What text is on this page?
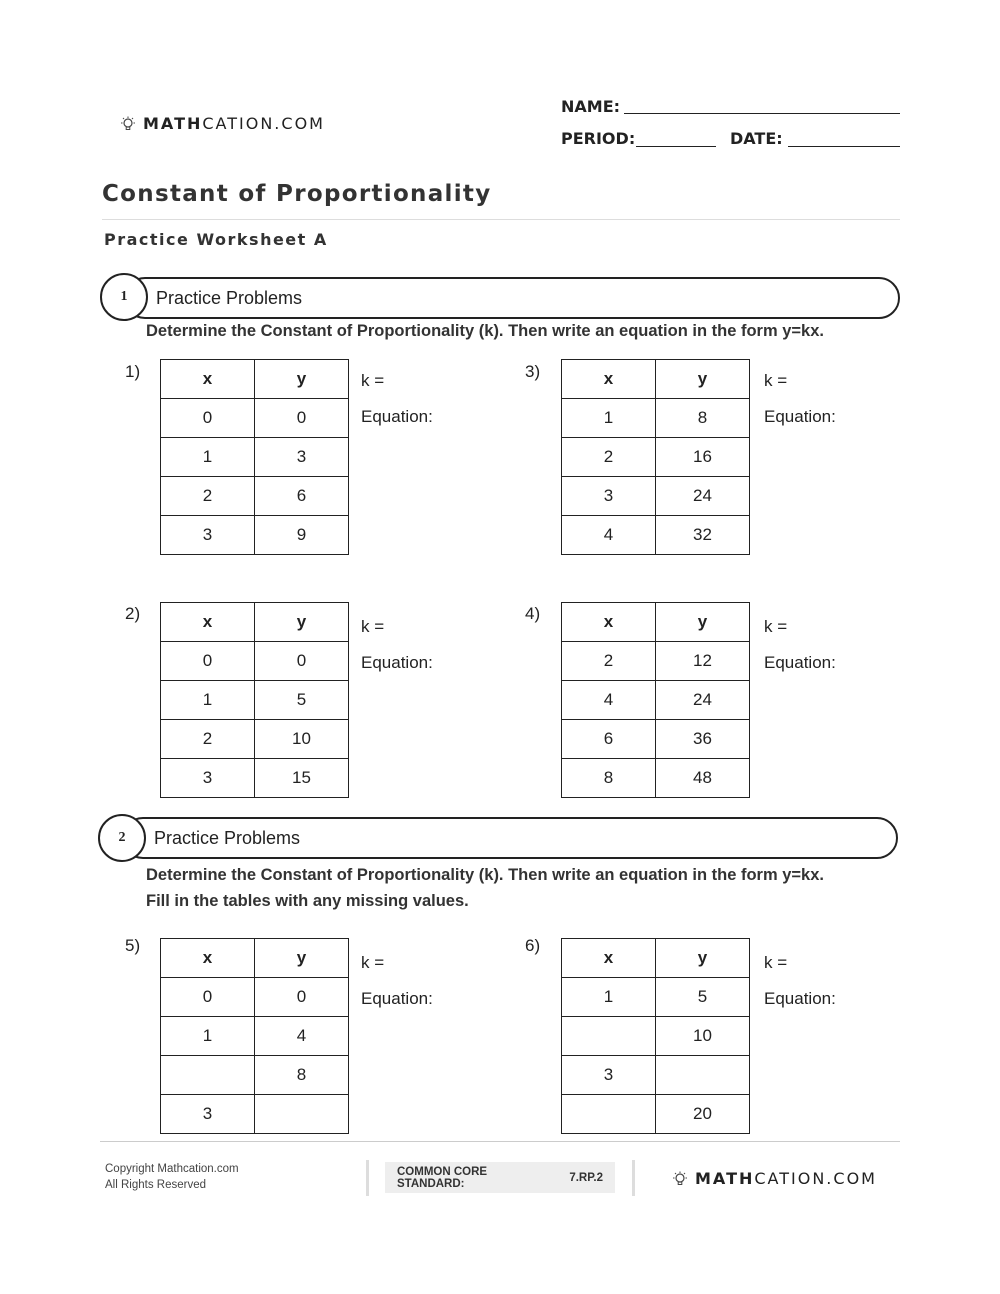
MATH CATION.COM
NAME:
PERIOD:	DATE:
Constant of Proportionality
Practice Worksheet A
Practice Problems
1
Determine the Constant of Proportionality (k). Then write an equation in the form y=kx.
1)	x	y
0	0
1	3
2	6
3	9
k =
Equation:
3)	x	y
1	8
2	16
3	24
4	32
k =
Equation:
2)	x	y
0	0
1	5
2	10
3	15
k =
Equation:
4)	x	y
2	12
4	24
6	36
8	48
k =
Equation:
Practice Problems
2
Determine the Constant of Proportionality (k). Then write an equation in the form y=kx.
Fill in the tables with any missing values.
5)
x	y
0	0
1	4
	8
3	
k =
Equation:
6)
x	y
1	5
	10
3	
	20
k =
Equation:
Copyright Mathcation.com
All Rights Reserved
COMMON CORE STANDARD:	7.RP.2	MATH CATION.COM
